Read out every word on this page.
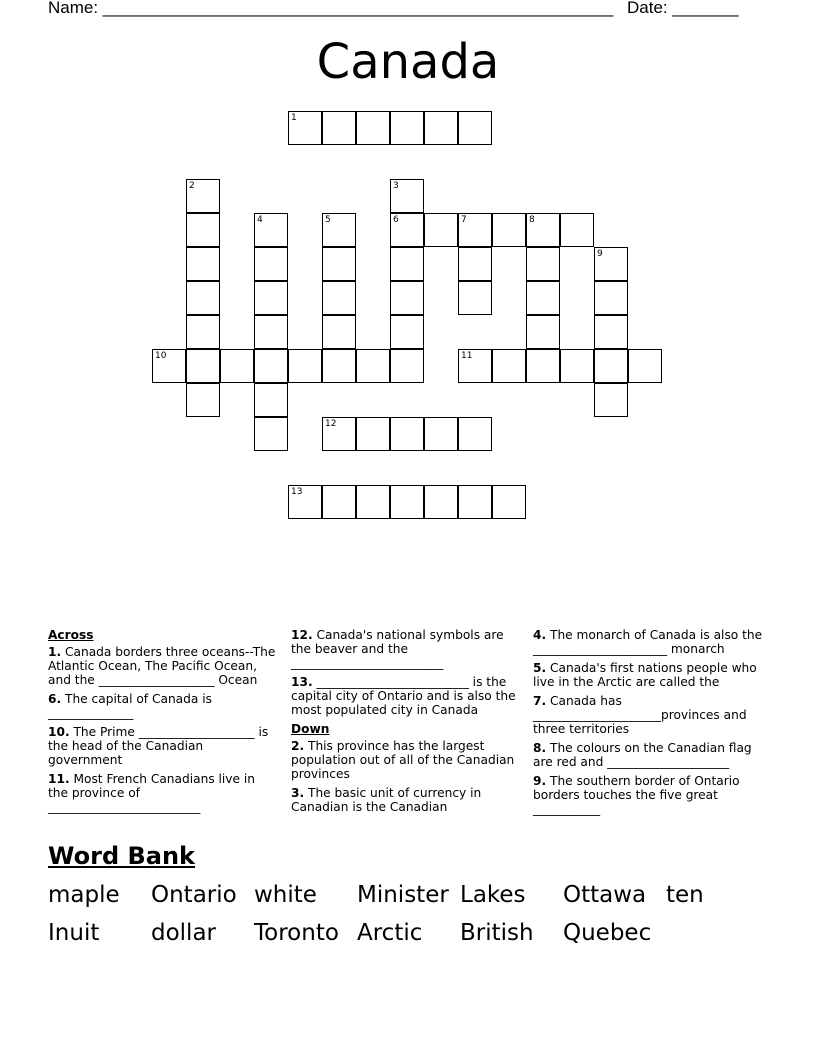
Name: ______________________________________________________ Date: _______
Canada
1
2	3
6
4	5	7	8
9
10	11
12
13
Across
1. Canada borders three oceans--The Atlantic Ocean, The Pacific Ocean, and the ___________________ Ocean
6. The capital of Canada is ______________
10. The Prime ___________________ is the head of the Canadian government
11. Most French Canadians live in the province of _________________________
12. Canada's national symbols are the beaver and the _________________________
13. _________________________ is the capital city of Ontario and is also the most populated city in Canada
Down
2. This province has the largest population out of all of the Canadian provinces
3. The basic unit of currency in Canadian is the Canadian
4. The monarch of Canada is also the ______________________ monarch
5. Canada's first nations people who live in the Arctic are called the
7. Canada has _____________________provinces and three territories
8. The colours on the Canadian flag are red and ____________________
9. The southern border of Ontario borders touches the five great ___________
Word Bank
maple Ontario white Minister Lakes Ottawa ten
Inuit dollar Toronto Arctic British Quebec
